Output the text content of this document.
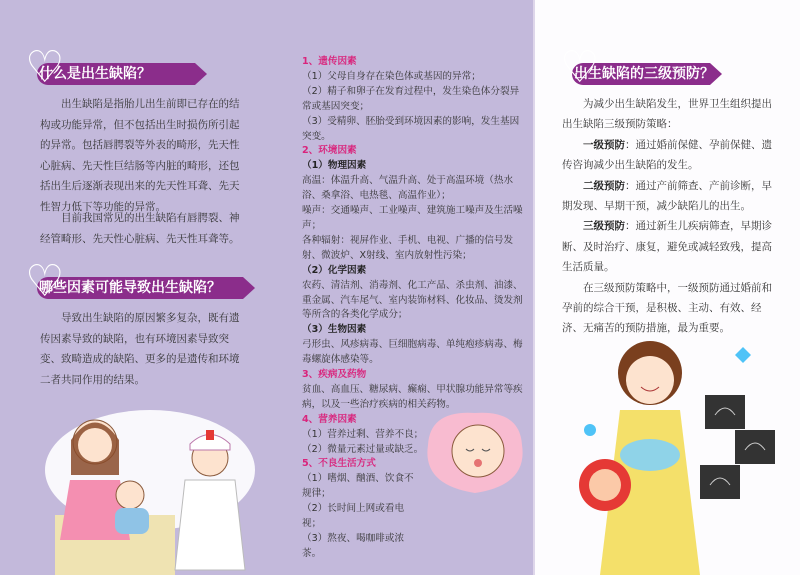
♡
什么是出生缺陷？

出生缺陷是指胎儿出生前即已存在的结构或功能异常，但不包括出生时损伤所引起的异常。包括唇腭裂等外表的畸形，先天性心脏病、先天性巨结肠等内脏的畸形，还包括出生后逐渐表现出来的先天性耳聋、先天性智力低下等功能的异常。

目前我国常见的出生缺陷有唇腭裂、神经管畸形、先天性心脏病、先天性耳聋等。

♡
哪些因素可能导致出生缺陷？

导致出生缺陷的原因繁多复杂，既有遗传因素导致的缺陷，也有环境因素导致突变、致畸造成的缺陷、更多的是遗传和环境二者共同作用的结果。

1、遗传因素

（1）父母自身存在染色体或基因的异常；

（2）精子和卵子在发育过程中，发生染色体分裂异常或基因突变；

（3）受精卵、胚胎受到环境因素的影响，发生基因突变。

2、环境因素

（1）物理因素

高温：体温升高、气温升高、处于高温环境（热水浴、桑拿浴、电热毯、高温作业）；

噪声：交通噪声、工业噪声、建筑施工噪声及生活噪声；

各种辐射：视屏作业、手机、电视、广播的信号发射、微波炉、X射线、室内放射性污染；

（2）化学因素

农药、清洁剂、消毒剂、化工产品、杀虫剂、油漆、重金属、汽车尾气、室内装饰材料、化妆品、烫发剂等所含的各类化学成分；

（3）生物因素

弓形虫、风疹病毒、巨细胞病毒、单纯疱疹病毒、梅毒螺旋体感染等。

3、疾病及药物

贫血、高血压、糖尿病、癫痫、甲状腺功能异常等疾病，以及一些治疗疾病的相关药物。

4、营养因素

（1）营养过剩、营养不良；

（2）微量元素过量或缺乏。

5、不良生活方式

（1）嗜烟、酗酒、饮食不规律；

（2）长时间上网或看电视；

（3）熬夜、喝咖啡或浓茶。

♡
出生缺陷的三级预防？

为减少出生缺陷发生，世界卫生组织提出出生缺陷三级预防策略：

一级预防：通过婚前保健、孕前保健、遗传咨询减少出生缺陷的发生。

二级预防：通过产前筛查、产前诊断，早期发现、早期干预，减少缺陷儿的出生。

三级预防：通过新生儿疾病筛查，早期诊断、及时治疗、康复，避免或减轻致残，提高生活质量。

在三级预防策略中，一级预防通过婚前和孕前的综合干预，是积极、主动、有效、经济、无痛苦的预防措施，最为重要。
